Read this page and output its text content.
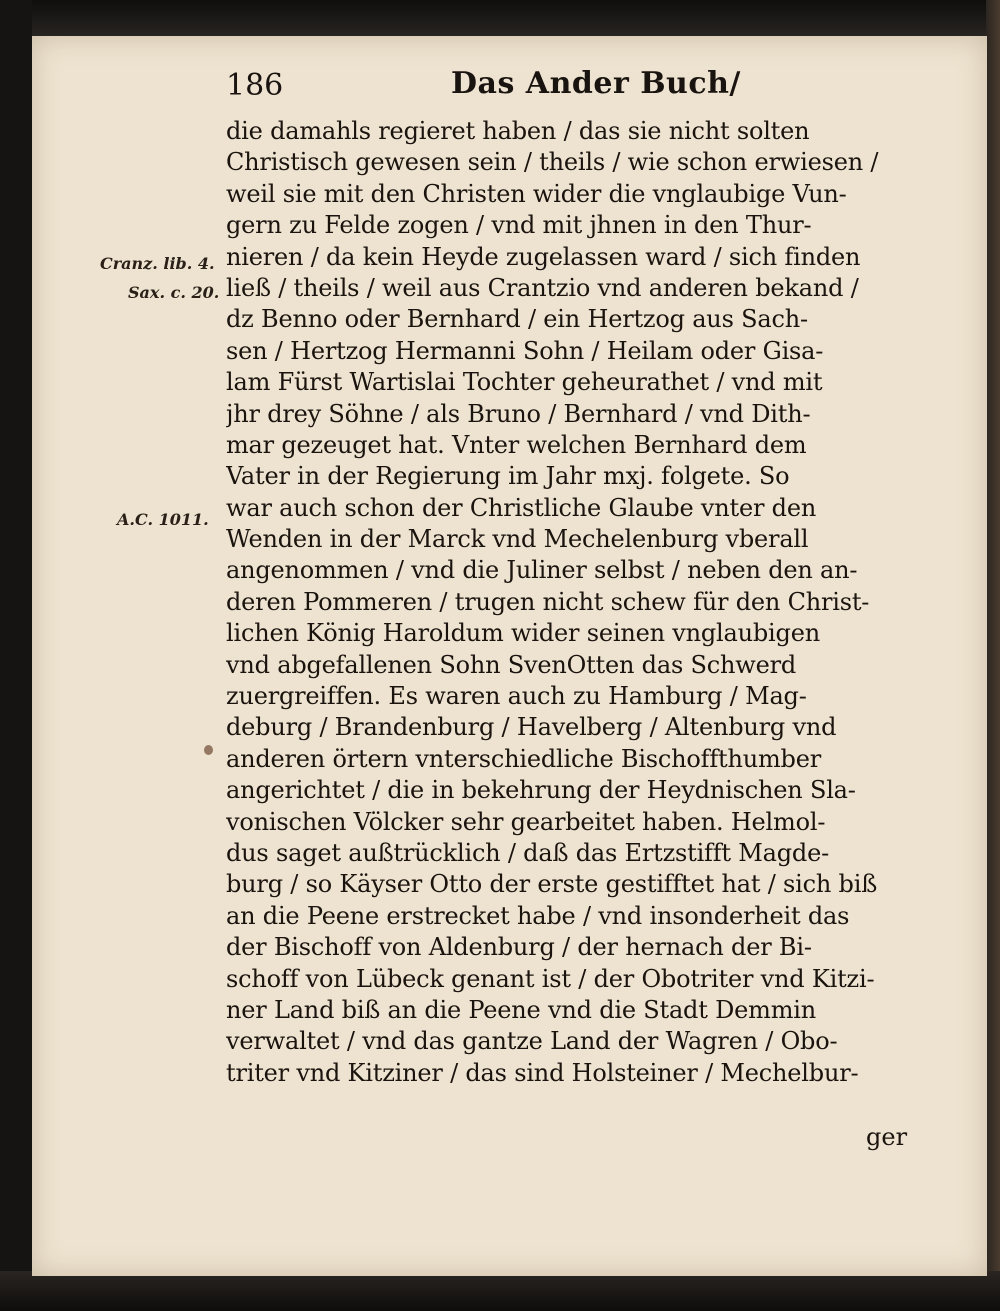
186	Das Ander Buch/
Cranz. lib. 4.
Sax. c. 20.
A.C. 1011.
die damahls regieret haben / das sie nicht solten
Christisch gewesen sein / theils / wie schon erwiesen /
weil sie mit den Christen wider die vnglaubige Vun-
gern zu Felde zogen / vnd mit jhnen in den Thur-
nieren / da kein Heyde zugelassen ward / sich finden
ließ / theils / weil aus Crantzio vnd anderen bekand /
dz Benno oder Bernhard / ein Hertzog aus Sach-
sen / Hertzog Hermanni Sohn / Heilam oder Gisa-
lam Fürst Wartislai Tochter geheurathet / vnd mit
jhr drey Söhne / als Bruno / Bernhard / vnd Dith-
mar gezeuget hat. Vnter welchen Bernhard dem
Vater in der Regierung im Jahr mxj. folgete. So
war auch schon der Christliche Glaube vnter den
Wenden in der Marck vnd Mechelenburg vberall
angenommen / vnd die Juliner selbst / neben den an-
deren Pommeren / trugen nicht schew für den Christ-
lichen König Haroldum wider seinen vnglaubigen
vnd abgefallenen Sohn SvenOtten das Schwerd
zuergreiffen. Es waren auch zu Hamburg / Mag-
deburg / Brandenburg / Havelberg / Altenburg vnd
anderen örtern vnterschiedliche Bischoffthumber
angerichtet / die in bekehrung der Heydnischen Sla-
vonischen Völcker sehr gearbeitet haben. Helmol-
dus saget außtrücklich / daß das Ertzstifft Magde-
burg / so Käyser Otto der erste gestifftet hat / sich biß
an die Peene erstrecket habe / vnd insonderheit das
der Bischoff von Aldenburg / der hernach der Bi-
schoff von Lübeck genant ist / der Obotriter vnd Kitzi-
ner Land biß an die Peene vnd die Stadt Demmin
verwaltet / vnd das gantze Land der Wagren / Obo-
triter vnd Kitziner / das sind Holsteiner / Mechelbur-
ger
